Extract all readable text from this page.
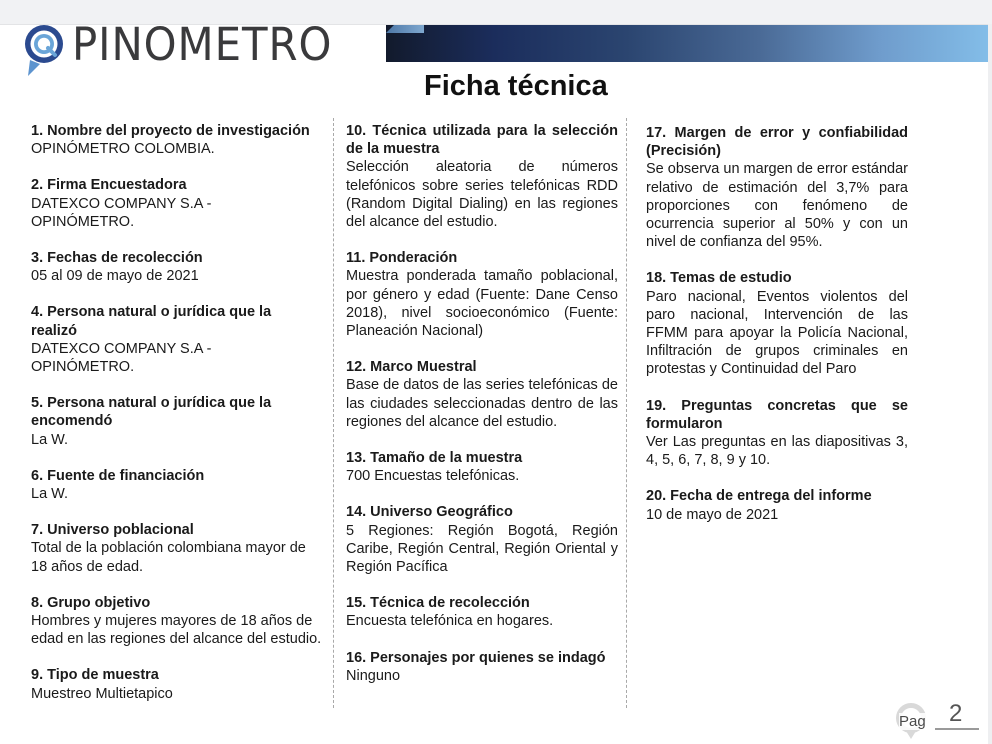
PINOMETRO
Ficha técnica
1. Nombre del proyecto de investigación
OPINÓMETRO COLOMBIA.
2. Firma Encuestadora
DATEXCO COMPANY S.A -
OPINÓMETRO.
3. Fechas de recolección
05 al 09 de mayo de 2021
4. Persona natural o jurídica que la realizó
DATEXCO COMPANY S.A -
OPINÓMETRO.
5. Persona natural o jurídica que la encomendó
La W.
6. Fuente de financiación
La W.
7. Universo poblacional
Total de la población colombiana mayor de 18 años de edad.
8. Grupo objetivo
Hombres y mujeres mayores de 18 años de edad en las regiones del alcance del estudio.
9. Tipo de muestra
Muestreo Multietapico
10. Técnica utilizada para la selección de la muestra
Selección aleatoria de números telefónicos sobre series telefónicas RDD (Random Digital Dialing) en las regiones del alcance del estudio.
11. Ponderación
Muestra ponderada tamaño poblacional, por género y edad (Fuente: Dane Censo 2018), nivel socioeconómico (Fuente: Planeación Nacional)
12. Marco Muestral
Base de datos de las series telefónicas de las ciudades seleccionadas dentro de las regiones del alcance del estudio.
13. Tamaño de la muestra
700 Encuestas telefónicas.
14. Universo Geográfico
5 Regiones: Región Bogotá, Región Caribe, Región Central, Región Oriental y Región Pacífica
15. Técnica de recolección
Encuesta telefónica en hogares.
16. Personajes por quienes se indagó
Ninguno
17. Margen de error y confiabilidad (Precisión)
Se observa un margen de error estándar relativo de estimación del 3,7% para proporciones con fenómeno de ocurrencia superior al 50% y con un nivel de confianza del 95%.
18. Temas de estudio
Paro nacional, Eventos violentos del paro nacional, Intervención de las FFMM para apoyar la Policía Nacional, Infiltración de grupos criminales en protestas y Continuidad del Paro
19. Preguntas concretas que se formularon
Ver Las preguntas en las diapositivas 3, 4, 5, 6, 7, 8, 9 y 10.
20. Fecha de entrega del informe
10 de mayo de 2021
Pag 2
